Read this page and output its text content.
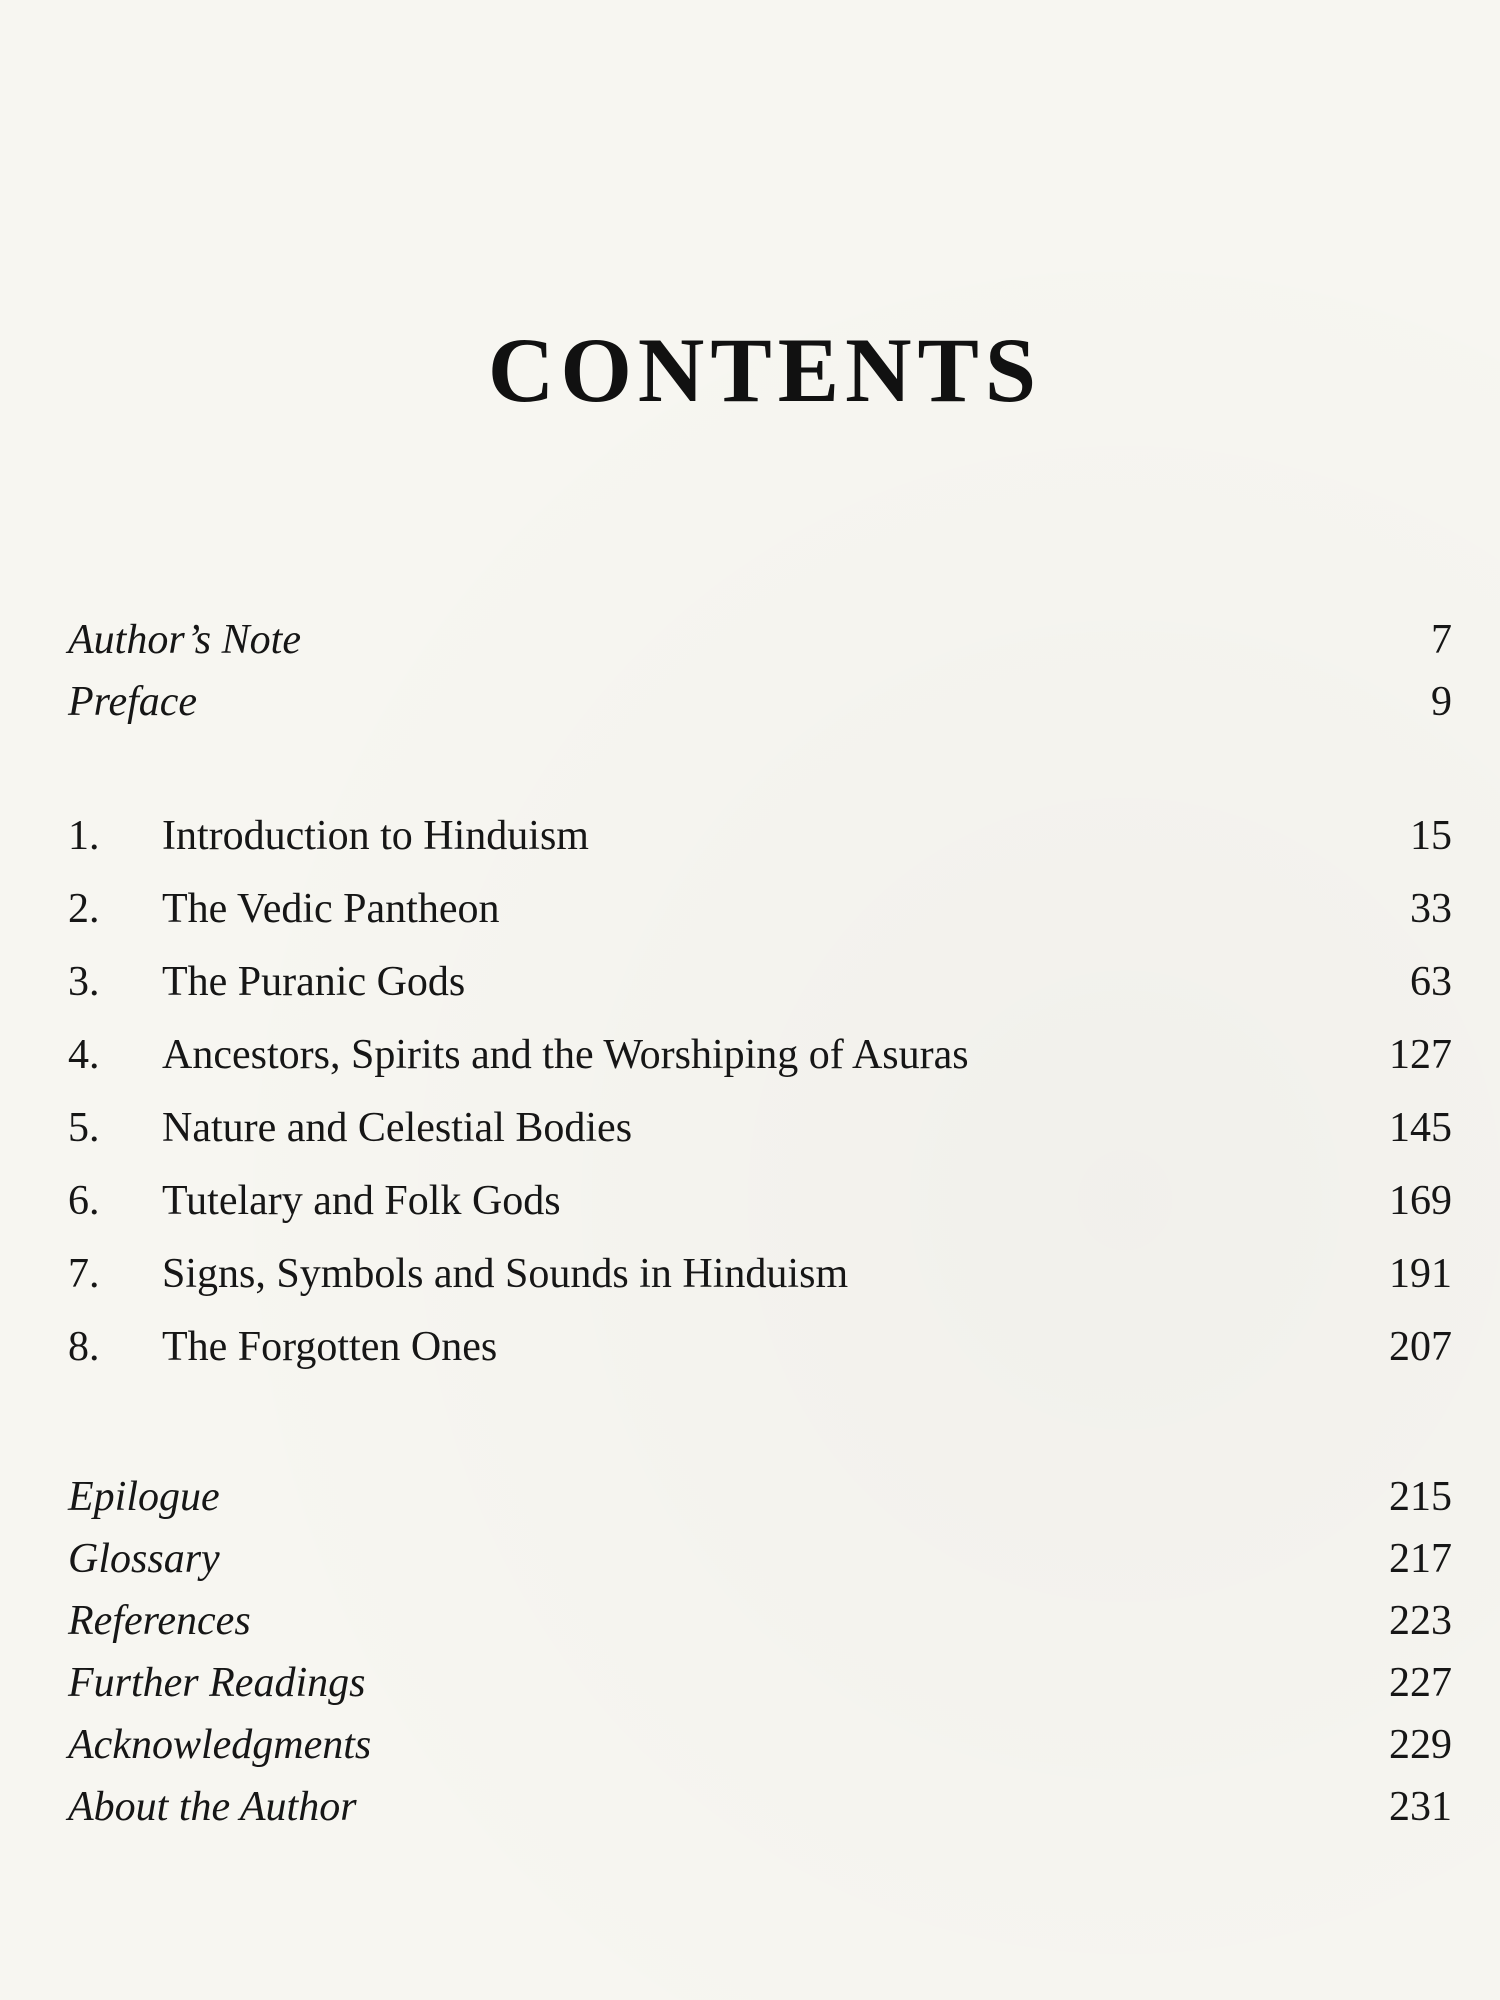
CONTENTS
Author’s Note	7
Preface	9
1. Introduction to Hinduism	15
2. The Vedic Pantheon	33
3. The Puranic Gods	63
4. Ancestors, Spirits and the Worshiping of Asuras	127
5. Nature and Celestial Bodies	145
6. Tutelary and Folk Gods	169
7. Signs, Symbols and Sounds in Hinduism	191
8. The Forgotten Ones	207
Epilogue	215
Glossary	217
References	223
Further Readings	227
Acknowledgments	229
About the Author	231
